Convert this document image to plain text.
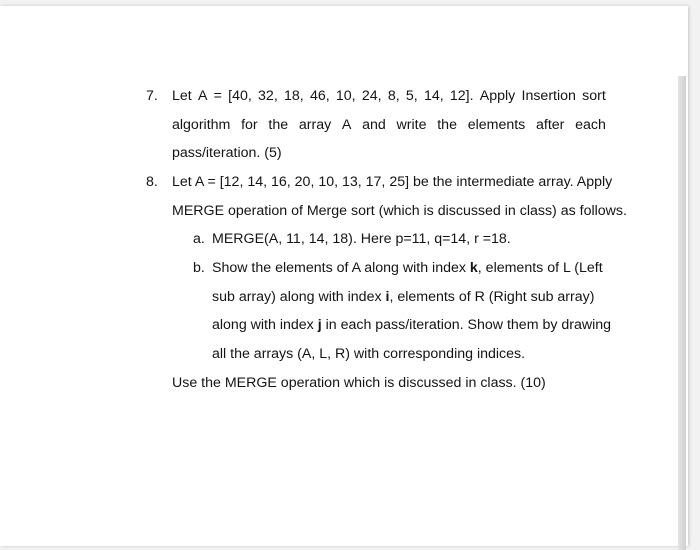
7. Let A = [40, 32, 18, 46, 10, 24, 8, 5, 14, 12]. Apply Insertion sort
algorithm for the array A and write the elements after each
pass/iteration. (5)
8. Let A = [12, 14, 16, 20, 10, 13, 17, 25] be the intermediate array. Apply
MERGE operation of Merge sort (which is discussed in class) as follows.
a. MERGE(A, 11, 14, 18). Here p=11, q=14, r =18.
b. Show the elements of A along with index k, elements of L (Left
sub array) along with index i, elements of R (Right sub array)
along with index j in each pass/iteration. Show them by drawing
all the arrays (A, L, R) with corresponding indices.
Use the MERGE operation which is discussed in class. (10)
